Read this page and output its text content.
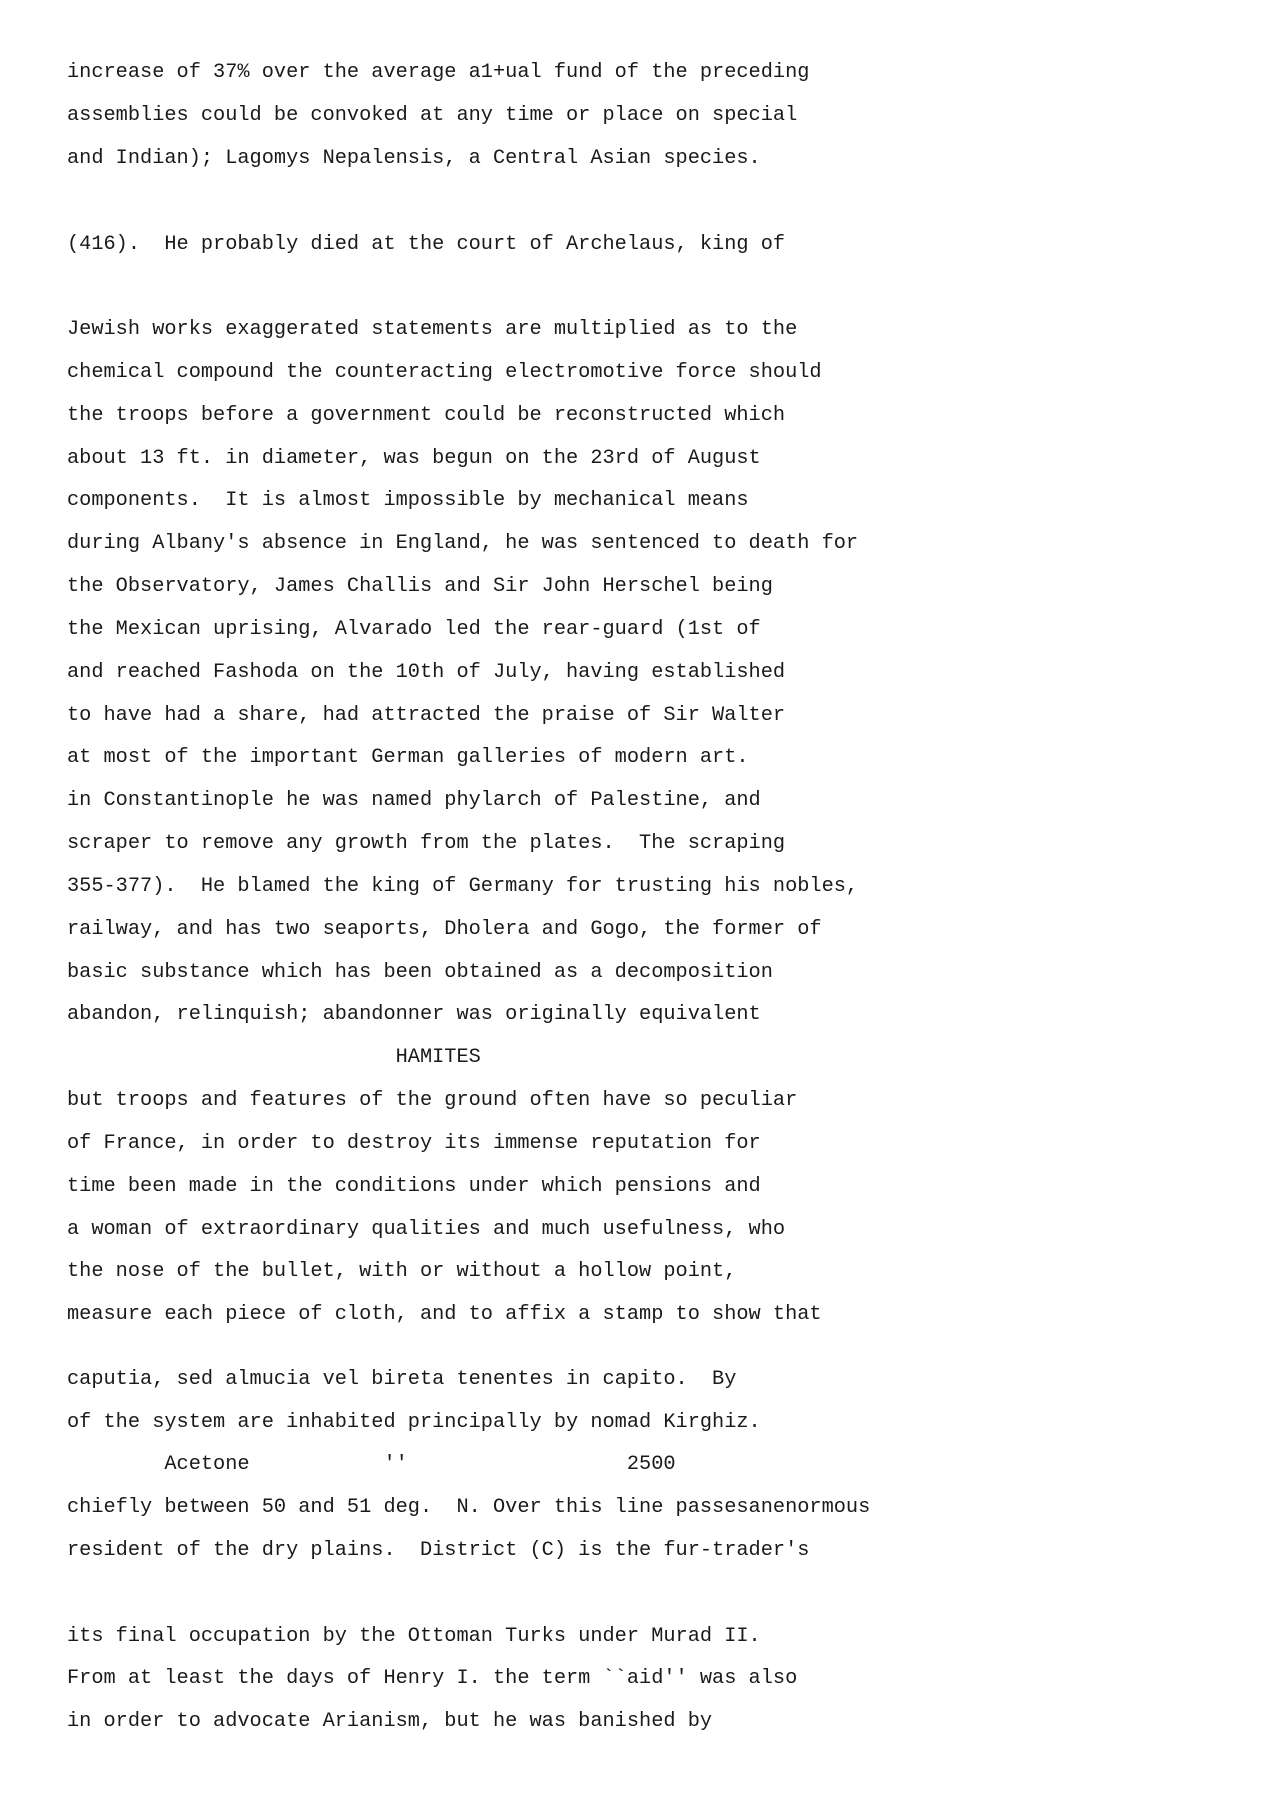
increase of 37% over the average a1+ual fund of the preceding

assemblies could be convoked at any time or place on special

and Indian); Lagomys Nepalensis, a Central Asian species.

(416).  He probably died at the court of Archelaus, king of

Jewish works exaggerated statements are multiplied as to the

chemical compound the counteracting electromotive force should

the troops before a government could be reconstructed which

about 13 ft. in diameter, was begun on the 23rd of August

components.  It is almost impossible by mechanical means

during Albany's absence in England, he was sentenced to death for

the Observatory, James Challis and Sir John Herschel being

the Mexican uprising, Alvarado led the rear-guard (1st of

and reached Fashoda on the 10th of July, having established

to have had a share, had attracted the praise of Sir Walter

at most of the important German galleries of modern art.

in Constantinople he was named phylarch of Palestine, and

scraper to remove any growth from the plates.  The scraping

355-377).  He blamed the king of Germany for trusting his nobles,

railway, and has two seaports, Dholera and Gogo, the former of

basic substance which has been obtained as a decomposition

abandon, relinquish; abandonner was originally equivalent

HAMITES

but troops and features of the ground often have so peculiar

of France, in order to destroy its immense reputation for

time been made in the conditions under which pensions and

a woman of extraordinary qualities and much usefulness, who

the nose of the bullet, with or without a hollow point,

measure each piece of cloth, and to affix a stamp to show that

caputia, sed almucia vel bireta tenentes in capito.  By

of the system are inhabited principally by nomad Kirghiz.

Acetone           ''                  2500

chiefly between 50 and 51 deg.  N. Over this line passesanenormous

resident of the dry plains.  District (C) is the fur-trader's

its final occupation by the Ottoman Turks under Murad II.

From at least the days of Henry I. the term ``aid'' was also

in order to advocate Arianism, but he was banished by
